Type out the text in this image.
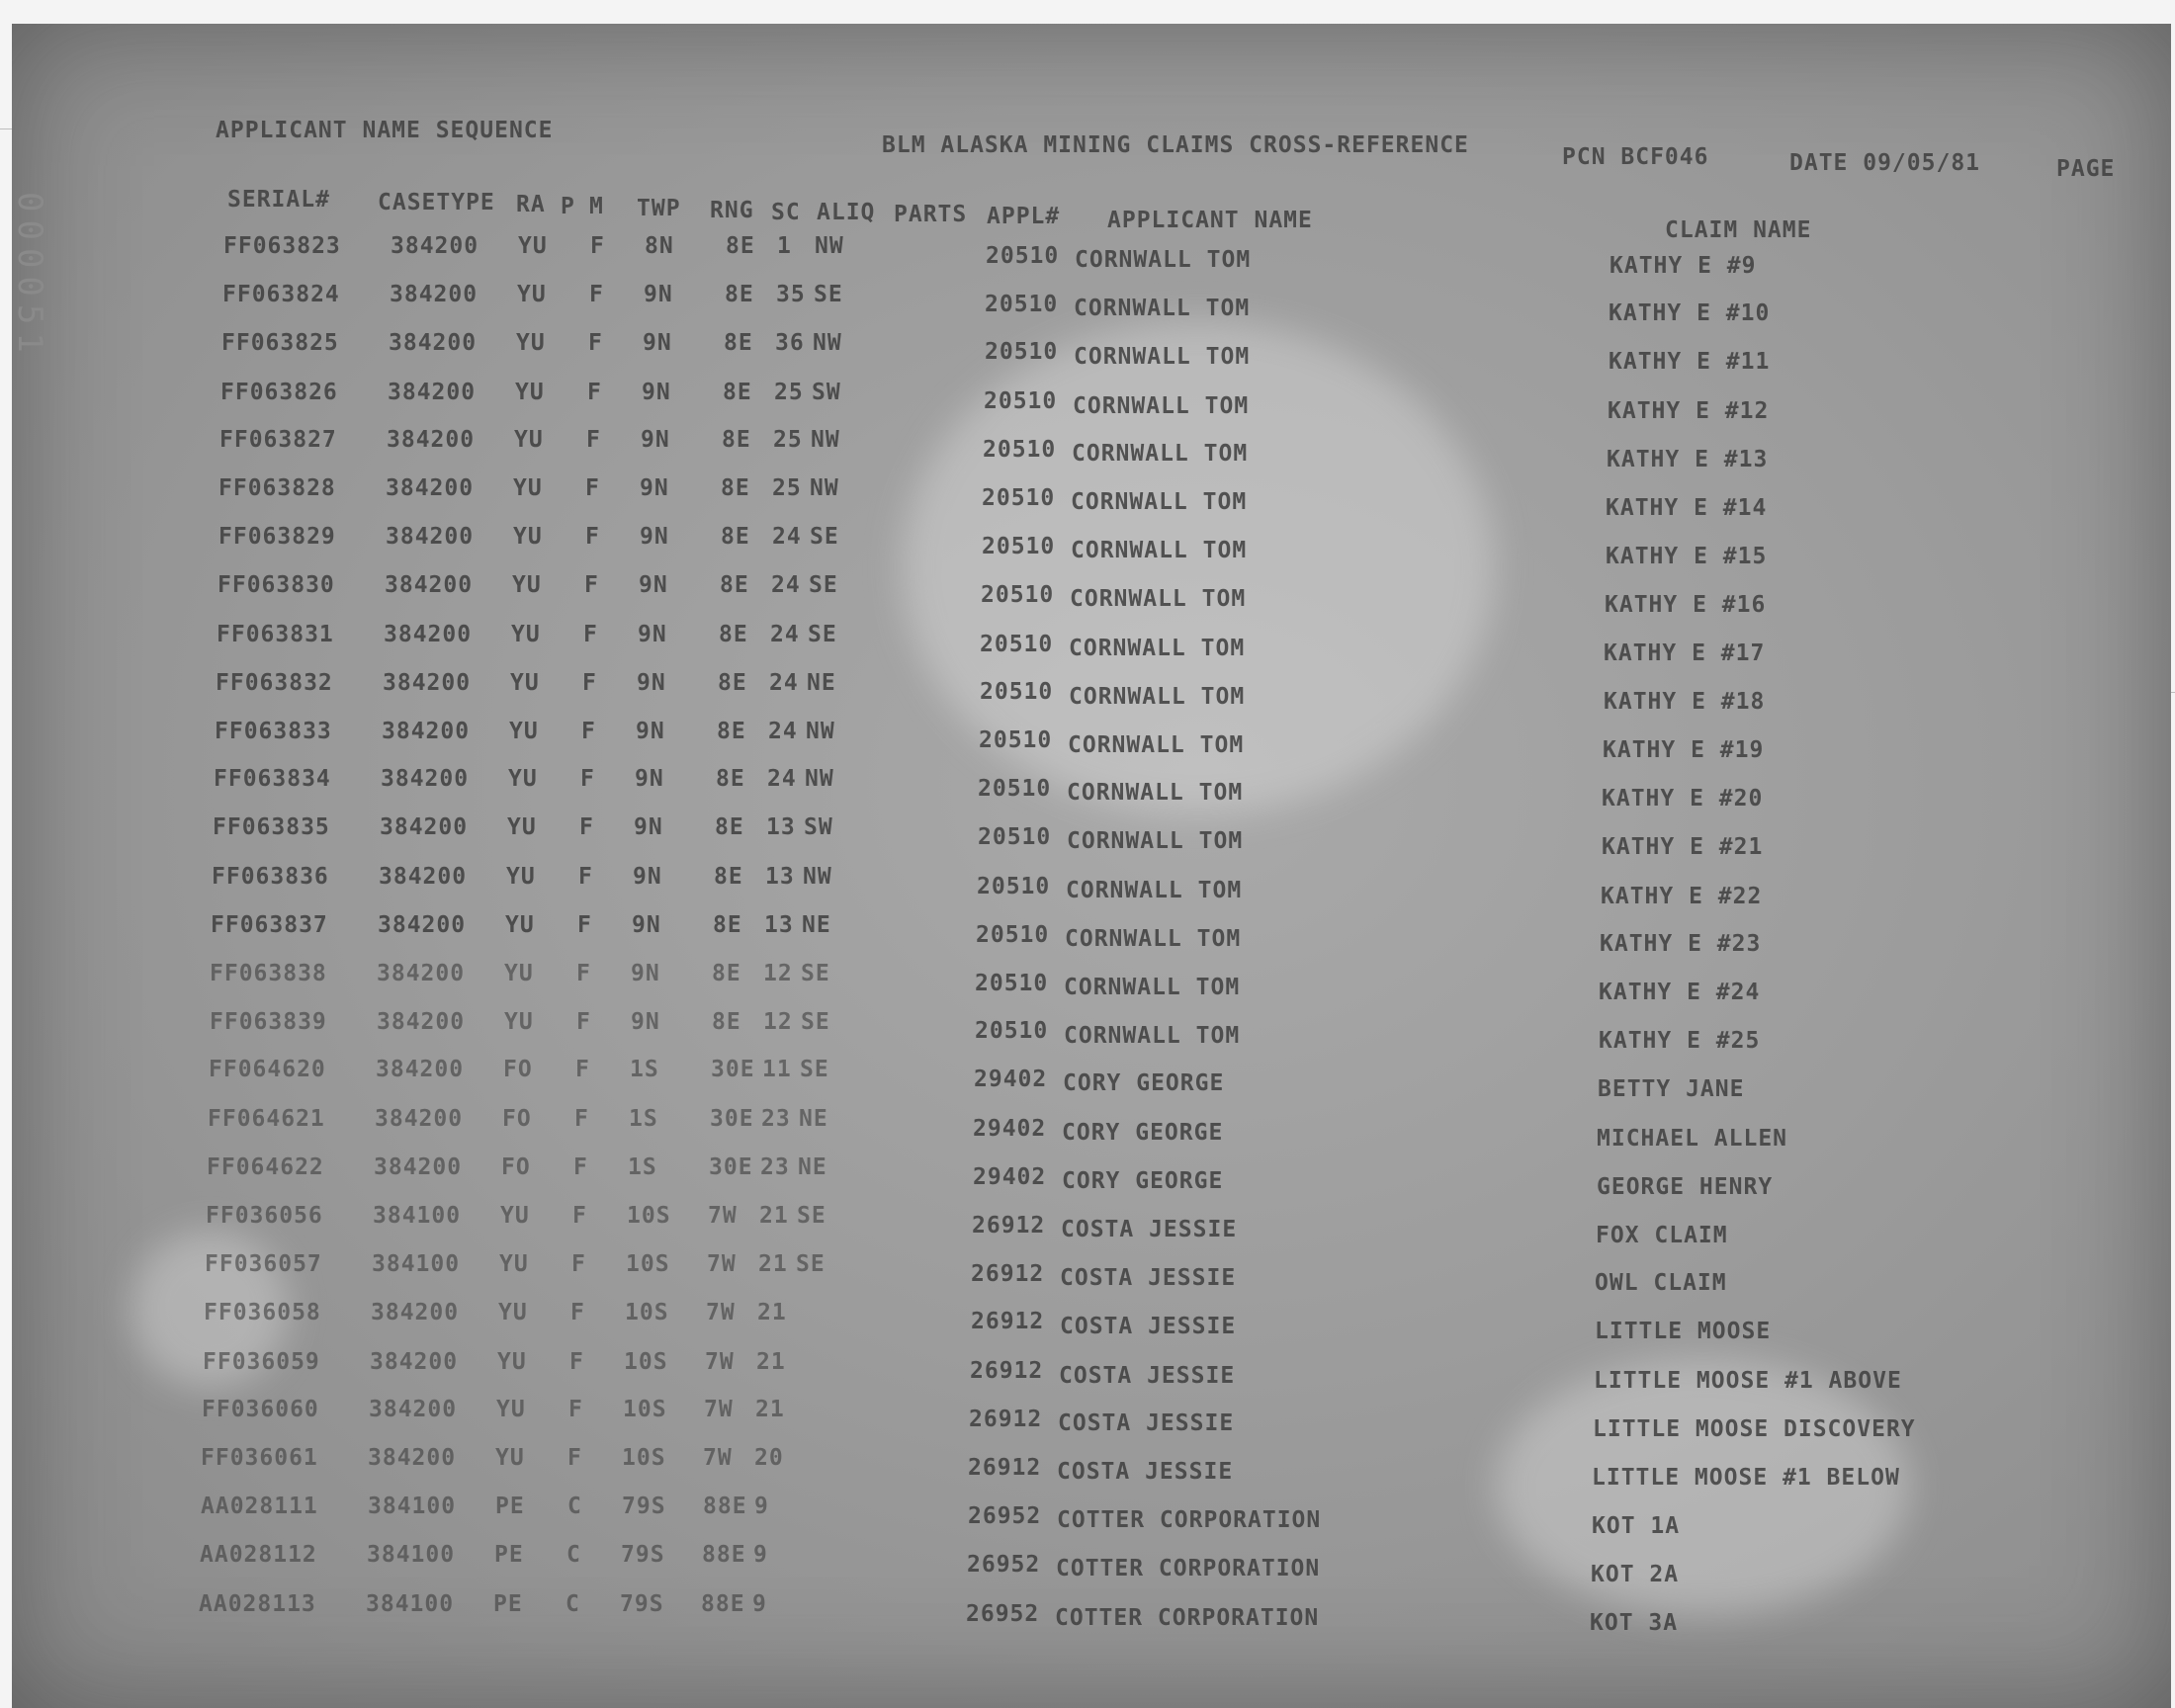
000051
APPLICANT NAME SEQUENCE
BLM ALASKA MINING CLAIMS CROSS-REFERENCE	PCN BCF046	DATE 09/05/81	PAGE
SERIAL# CASETYPE RA P M TWP RNG SC ALIQ PARTS APPL# APPLICANT NAME	CLAIM NAME
FF063823 384200 YU F 8N 8E 1 NW	20510 CORNWALL TOM	KATHY E #9
FF063824 384200 YU F 9N 8E 35 SE	20510 CORNWALL TOM	KATHY E #10
FF063825 384200 YU F 9N 8E 36 NW	20510 CORNWALL TOM	KATHY E #11
FF063826 384200 YU F 9N 8E 25 SW	20510 CORNWALL TOM	KATHY E #12
FF063827 384200 YU F 9N 8E 25 NW	20510 CORNWALL TOM	KATHY E #13
FF063828 384200 YU F 9N 8E 25 NW	20510 CORNWALL TOM	KATHY E #14
FF063829 384200 YU F 9N 8E 24 SE	20510 CORNWALL TOM	KATHY E #15
FF063830 384200 YU F 9N 8E 24 SE	20510 CORNWALL TOM	KATHY E #16
FF063831 384200 YU F 9N 8E 24 SE	20510 CORNWALL TOM	KATHY E #17
FF063832 384200 YU F 9N 8E 24 NE	20510 CORNWALL TOM	KATHY E #18
FF063833 384200 YU F 9N 8E 24 NW	20510 CORNWALL TOM	KATHY E #19
FF063834 384200 YU F 9N 8E 24 NW	20510 CORNWALL TOM	KATHY E #20
FF063835 384200 YU F 9N 8E 13 SW	20510 CORNWALL TOM	KATHY E #21
FF063836 384200 YU F 9N 8E 13 NW	20510 CORNWALL TOM	KATHY E #22
FF063837 384200 YU F 9N 8E 13 NE	20510 CORNWALL TOM	KATHY E #23
FF063838 384200 YU F 9N 8E 12 SE	20510 CORNWALL TOM	KATHY E #24
FF063839 384200 YU F 9N 8E 12 SE	20510 CORNWALL TOM	KATHY E #25
FF064620 384200 FO F 1S 30E 11 SE	29402 CORY GEORGE	BETTY JANE
FF064621 384200 FO F 1S 30E 23 NE	29402 CORY GEORGE	MICHAEL ALLEN
FF064622 384200 FO F 1S 30E 23 NE	29402 CORY GEORGE	GEORGE HENRY
FF036056 384100 YU F 10S 7W 21 SE	26912 COSTA JESSIE	FOX CLAIM
FF036057 384100 YU F 10S 7W 21 SE	26912 COSTA JESSIE	OWL CLAIM
FF036058 384200 YU F 10S 7W 21	26912 COSTA JESSIE	LITTLE MOOSE
FF036059 384200 YU F 10S 7W 21	26912 COSTA JESSIE	LITTLE MOOSE #1 ABOVE
FF036060 384200 YU F 10S 7W 21	26912 COSTA JESSIE	LITTLE MOOSE DISCOVERY
FF036061 384200 YU F 10S 7W 20	26912 COSTA JESSIE	LITTLE MOOSE #1 BELOW
AA028111 384100 PE C 79S 88E 9	26952 COTTER CORPORATION	KOT 1A
AA028112 384100 PE C 79S 88E 9	26952 COTTER CORPORATION	KOT 2A
AA028113 384100 PE C 79S 88E 9	26952 COTTER CORPORATION	KOT 3A
